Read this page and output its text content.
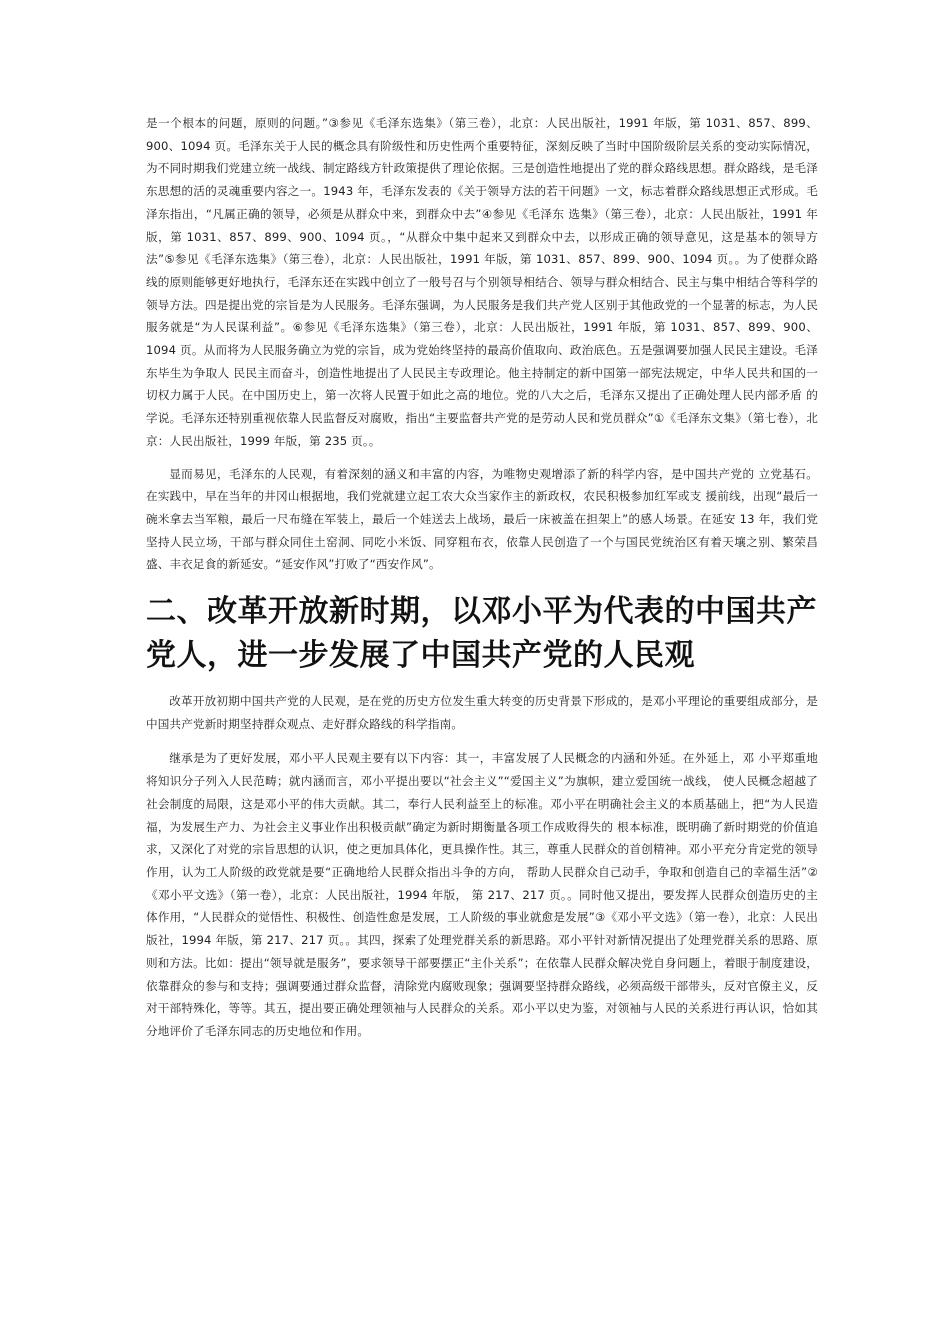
是一个根本的问题，原则的问题。”③参见《毛泽东选集》（第三卷），北京：人民出版社，1991 年版，第 1031、857、899、900、1094 页。毛泽东关于人民的概念具有阶级性和历史性两个重要特征，深刻反映了当时中国阶级阶层关系的变动实际情况，为不同时期我们党建立统一战线、制定路线方针政策提供了理论依据。三是创造性地提出了党的群众路线思想。群众路线，是毛泽东思想的活的灵魂重要内容之一。1943 年，毛泽东发表的《关于领导方法的若干问题》一文，标志着群众路线思想正式形成。毛泽东指出，“凡属正确的领导，必须是从群众中来，到群众中去”④参见《毛泽东 选集》（第三卷），北京：人民出版社，1991 年版，第 1031、857、899、900、1094 页。，“从群众中集中起来又到群众中去，以形成正确的领导意见，这是基本的领导方法”⑤参见《毛泽东选集》（第三卷），北京：人民出版社，1991 年版，第 1031、857、899、900、1094 页。。为了使群众路线的原则能够更好地执行，毛泽东还在实践中创立了一般号召与个别领导相结合、领导与群众相结合、民主与集中相结合等科学的领导方法。四是提出党的宗旨是为人民服务。毛泽东强调，为人民服务是我们共产党人区别于其他政党的一个显著的标志，为人民服务就是“为人民谋利益”。⑥参见《毛泽东选集》（第三卷），北京：人民出版社，1991 年版，第 1031、857、899、900、1094 页。从而将为人民服务确立为党的宗旨，成为党始终坚持的最高价值取向、政治底色。五是强调要加强人民民主建设。毛泽东毕生为争取人 民民主而奋斗，创造性地提出了人民民主专政理论。他主持制定的新中国第一部宪法规定，中华人民共和国的一切权力属于人民。在中国历史上，第一次将人民置于如此之高的地位。党的八大之后，毛泽东又提出了正确处理人民内部矛盾 的学说。毛泽东还特别重视依靠人民监督反对腐败，指出“主要监督共产党的是劳动人民和党员群众”①《毛泽东文集》（第七卷），北京：人民出版社，1999 年版，第 235 页。。

显而易见，毛泽东的人民观，有着深刻的涵义和丰富的内容，为唯物史观增添了新的科学内容，是中国共产党的 立党基石。在实践中，早在当年的井冈山根据地，我们党就建立起工农大众当家作主的新政权，农民积极参加红军或支 援前线，出现“最后一碗米拿去当军粮，最后一尺布缝在军装上，最后一个娃送去上战场，最后一床被盖在担架上”的感人场景。在延安 13 年，我们党坚持人民立场，干部与群众同住土窑洞、同吃小米饭、同穿粗布衣，依靠人民创造了一个与国民党统治区有着天壤之别、繁荣昌盛、丰衣足食的新延安。“延安作风”打败了“西安作风”。

二、改革开放新时期，以邓小平为代表的中国共产党人，进一步发展了中国共产党的人民观

改革开放初期中国共产党的人民观，是在党的历史方位发生重大转变的历史背景下形成的，是邓小平理论的重要组成部分，是中国共产党新时期坚持群众观点、走好群众路线的科学指南。

继承是为了更好发展，邓小平人民观主要有以下内容：其一，丰富发展了人民概念的内涵和外延。在外延上，邓 小平郑重地将知识分子列入人民范畴；就内涵而言，邓小平提出要以“社会主义”“爱国主义”为旗帜，建立爱国统一战线， 使人民概念超越了社会制度的局限，这是邓小平的伟大贡献。其二，奉行人民利益至上的标准。邓小平在明确社会主义的本质基础上，把“为人民造福，为发展生产力、为社会主义事业作出积极贡献”确定为新时期衡量各项工作成败得失的 根本标准，既明确了新时期党的价值追求，又深化了对党的宗旨思想的认识，使之更加具体化，更具操作性。其三，尊重人民群众的首创精神。邓小平充分肯定党的领导作用，认为工人阶级的政党就是要“正确地给人民群众指出斗争的方向， 帮助人民群众自己动手，争取和创造自己的幸福生活”②《邓小平文选》（第一卷），北京：人民出版社，1994 年版， 第 217、217 页。。同时他又提出，要发挥人民群众创造历史的主体作用，“人民群众的觉悟性、积极性、创造性愈是发展，工人阶级的事业就愈是发展”③《邓小平文选》（第一卷），北京：人民出版社，1994 年版，第 217、217 页。。其四，探索了处理党群关系的新思路。邓小平针对新情况提出了处理党群关系的思路、原则和方法。比如：提出“领导就是服务”，要求领导干部要摆正“主仆关系”；在依靠人民群众解决党自身问题上，着眼于制度建设，依靠群众的参与和支持；强调要通过群众监督，清除党内腐败现象；强调要坚持群众路线，必须高级干部带头，反对官僚主义，反对干部特殊化，等等。其五，提出要正确处理领袖与人民群众的关系。邓小平以史为鉴，对领袖与人民的关系进行再认识，恰如其分地评价了毛泽东同志的历史地位和作用。
